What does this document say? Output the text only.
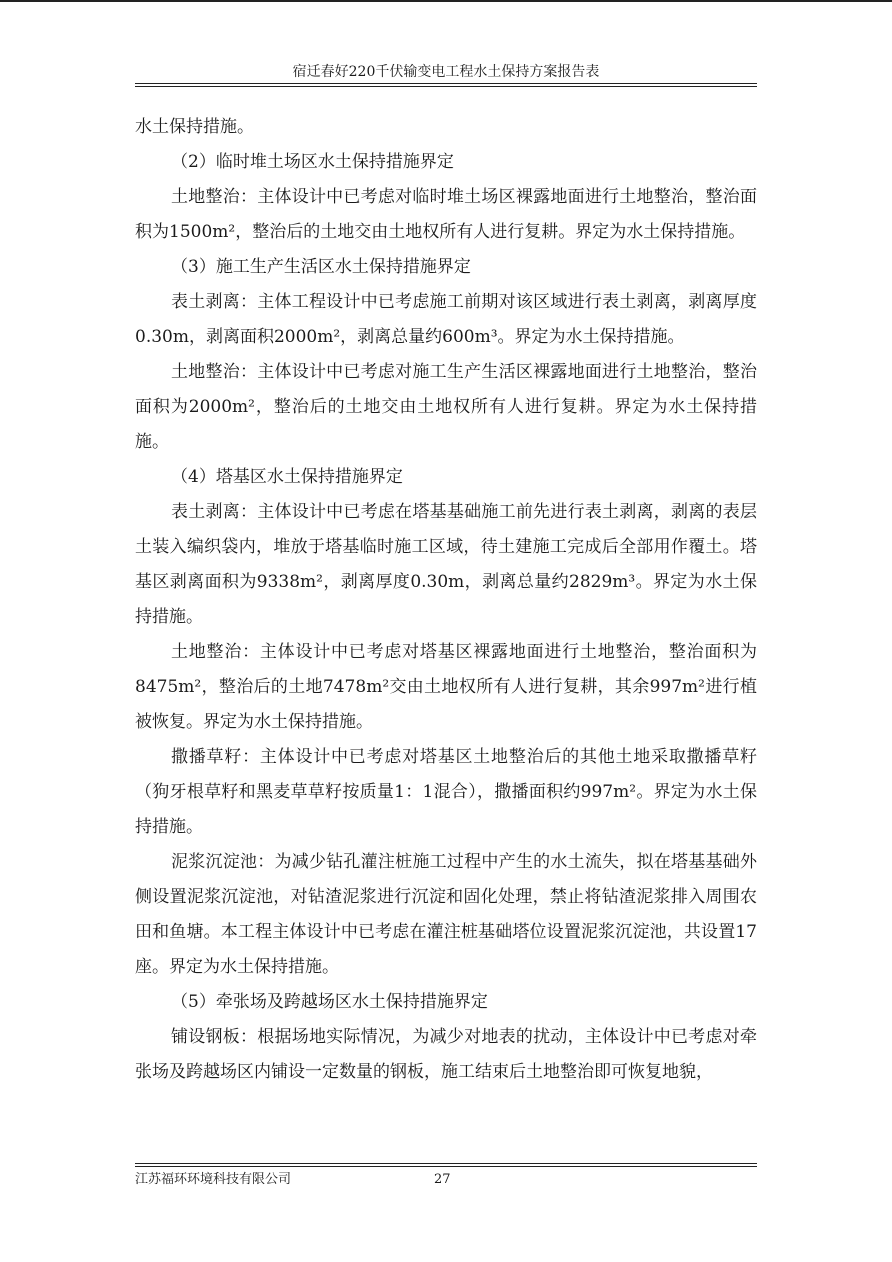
宿迁春好220千伏输变电工程水土保持方案报告表

水土保持措施。

（2）临时堆土场区水土保持措施界定

土地整治：主体设计中已考虑对临时堆土场区裸露地面进行土地整治，整治面积为1500m²，整治后的土地交由土地权所有人进行复耕。界定为水土保持措施。

（3）施工生产生活区水土保持措施界定

表土剥离：主体工程设计中已考虑施工前期对该区域进行表土剥离，剥离厚度0.30m，剥离面积2000m²，剥离总量约600m³。界定为水土保持措施。

土地整治：主体设计中已考虑对施工生产生活区裸露地面进行土地整治，整治面积为2000m²，整治后的土地交由土地权所有人进行复耕。界定为水土保持措施。

（4）塔基区水土保持措施界定

表土剥离：主体设计中已考虑在塔基基础施工前先进行表土剥离，剥离的表层土装入编织袋内，堆放于塔基临时施工区域，待土建施工完成后全部用作覆土。塔基区剥离面积为9338m²，剥离厚度0.30m，剥离总量约2829m³。界定为水土保持措施。

土地整治：主体设计中已考虑对塔基区裸露地面进行土地整治，整治面积为8475m²，整治后的土地7478m²交由土地权所有人进行复耕，其余997m²进行植被恢复。界定为水土保持措施。

撒播草籽：主体设计中已考虑对塔基区土地整治后的其他土地采取撒播草籽（狗牙根草籽和黑麦草草籽按质量1：1混合），撒播面积约997m²。界定为水土保持措施。

泥浆沉淀池：为减少钻孔灌注桩施工过程中产生的水土流失，拟在塔基基础外侧设置泥浆沉淀池，对钻渣泥浆进行沉淀和固化处理，禁止将钻渣泥浆排入周围农田和鱼塘。本工程主体设计中已考虑在灌注桩基础塔位设置泥浆沉淀池，共设置17座。界定为水土保持措施。

（5）牵张场及跨越场区水土保持措施界定

铺设钢板：根据场地实际情况，为减少对地表的扰动，主体设计中已考虑对牵张场及跨越场区内铺设一定数量的钢板，施工结束后土地整治即可恢复地貌，

江苏福环环境科技有限公司	27
